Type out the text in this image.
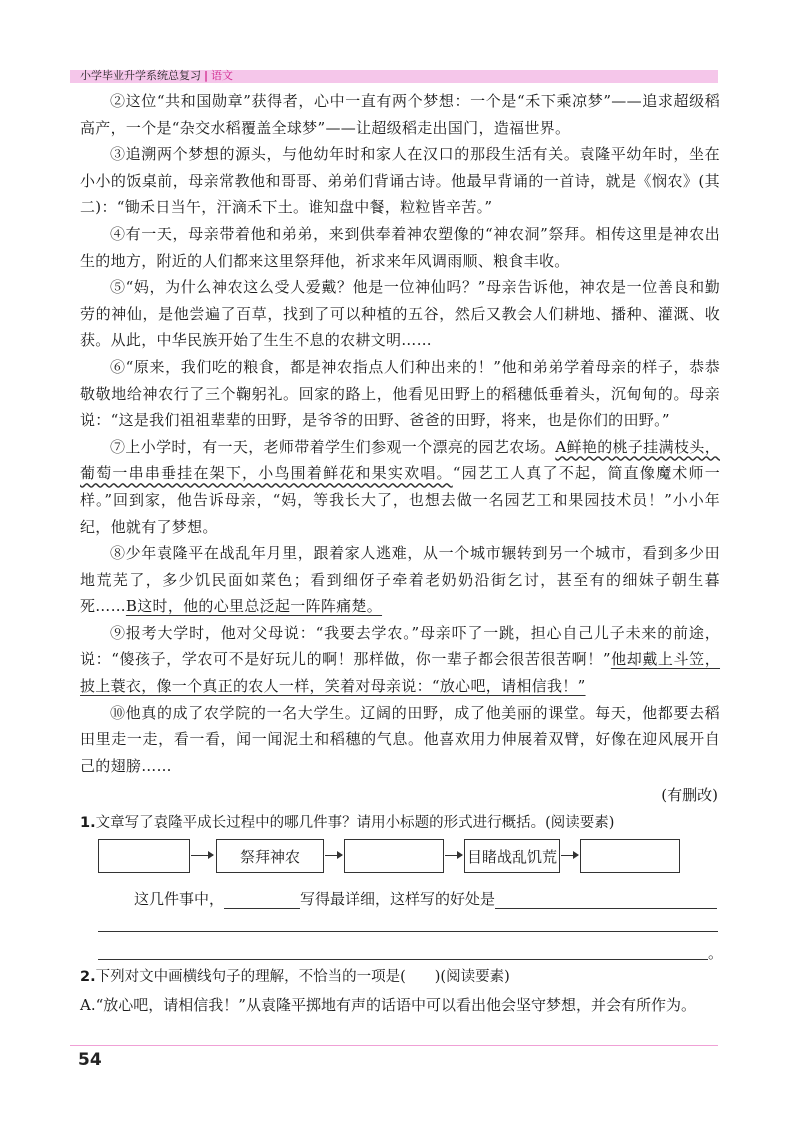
小学毕业升学系统总复习 | 语文

②这位“共和国勋章”获得者，心中一直有两个梦想：一个是“禾下乘凉梦”——追求超级稻高产，一个是“杂交水稻覆盖全球梦”——让超级稻走出国门，造福世界。

③追溯两个梦想的源头，与他幼年时和家人在汉口的那段生活有关。袁隆平幼年时，坐在小小的饭桌前，母亲常教他和哥哥、弟弟们背诵古诗。他最早背诵的一首诗，就是《悯农》(其二)：“锄禾日当午，汗滴禾下土。谁知盘中餐，粒粒皆辛苦。”

④有一天，母亲带着他和弟弟，来到供奉着神农塑像的“神农洞”祭拜。相传这里是神农出生的地方，附近的人们都来这里祭拜他，祈求来年风调雨顺、粮食丰收。

⑤“妈，为什么神农这么受人爱戴？他是一位神仙吗？”母亲告诉他，神农是一位善良和勤劳的神仙，是他尝遍了百草，找到了可以种植的五谷，然后又教会人们耕地、播种、灌溉、收获。从此，中华民族开始了生生不息的农耕文明……

⑥“原来，我们吃的粮食，都是神农指点人们种出来的！”他和弟弟学着母亲的样子，恭恭敬敬地给神农行了三个鞠躬礼。回家的路上，他看见田野上的稻穗低垂着头，沉甸甸的。母亲说：“这是我们祖祖辈辈的田野，是爷爷的田野、爸爸的田野，将来，也是你们的田野。”

⑦上小学时，有一天，老师带着学生们参观一个漂亮的园艺农场。A鲜艳的桃子挂满枝头，葡萄一串串垂挂在架下，小鸟围着鲜花和果实欢唱。“园艺工人真了不起，简直像魔术师一样。”回到家，他告诉母亲，“妈，等我长大了，也想去做一名园艺工和果园技术员！”小小年纪，他就有了梦想。

⑧少年袁隆平在战乱年月里，跟着家人逃难，从一个城市辗转到另一个城市，看到多少田地荒芜了，多少饥民面如菜色；看到细伢子牵着老奶奶沿街乞讨，甚至有的细妹子朝生暮死……B这时，他的心里总泛起一阵阵痛楚。

⑨报考大学时，他对父母说：“我要去学农。”母亲吓了一跳，担心自己儿子未来的前途，说：“傻孩子，学农可不是好玩儿的啊！那样做，你一辈子都会很苦很苦啊！”他却戴上斗笠，披上蓑衣，像一个真正的农人一样，笑着对母亲说：“放心吧，请相信我！”

⑩他真的成了农学院的一名大学生。辽阔的田野，成了他美丽的课堂。每天，他都要去稻田里走一走，看一看，闻一闻泥土和稻穗的气息。他喜欢用力伸展着双臂，好像在迎风展开自己的翅膀……

(有删改)
1.文章写了袁隆平成长过程中的哪几件事？请用小标题的形式进行概括。(阅读要素)
祭拜神农	目睹战乱饥荒
这几件事中，	写得最详细，这样写的好处是
。
2.下列对文中画横线句子的理解，不恰当的一项是(　　)(阅读要素)
A.“放心吧，请相信我！”从袁隆平掷地有声的话语中可以看出他会坚守梦想，并会有所作为。
54
